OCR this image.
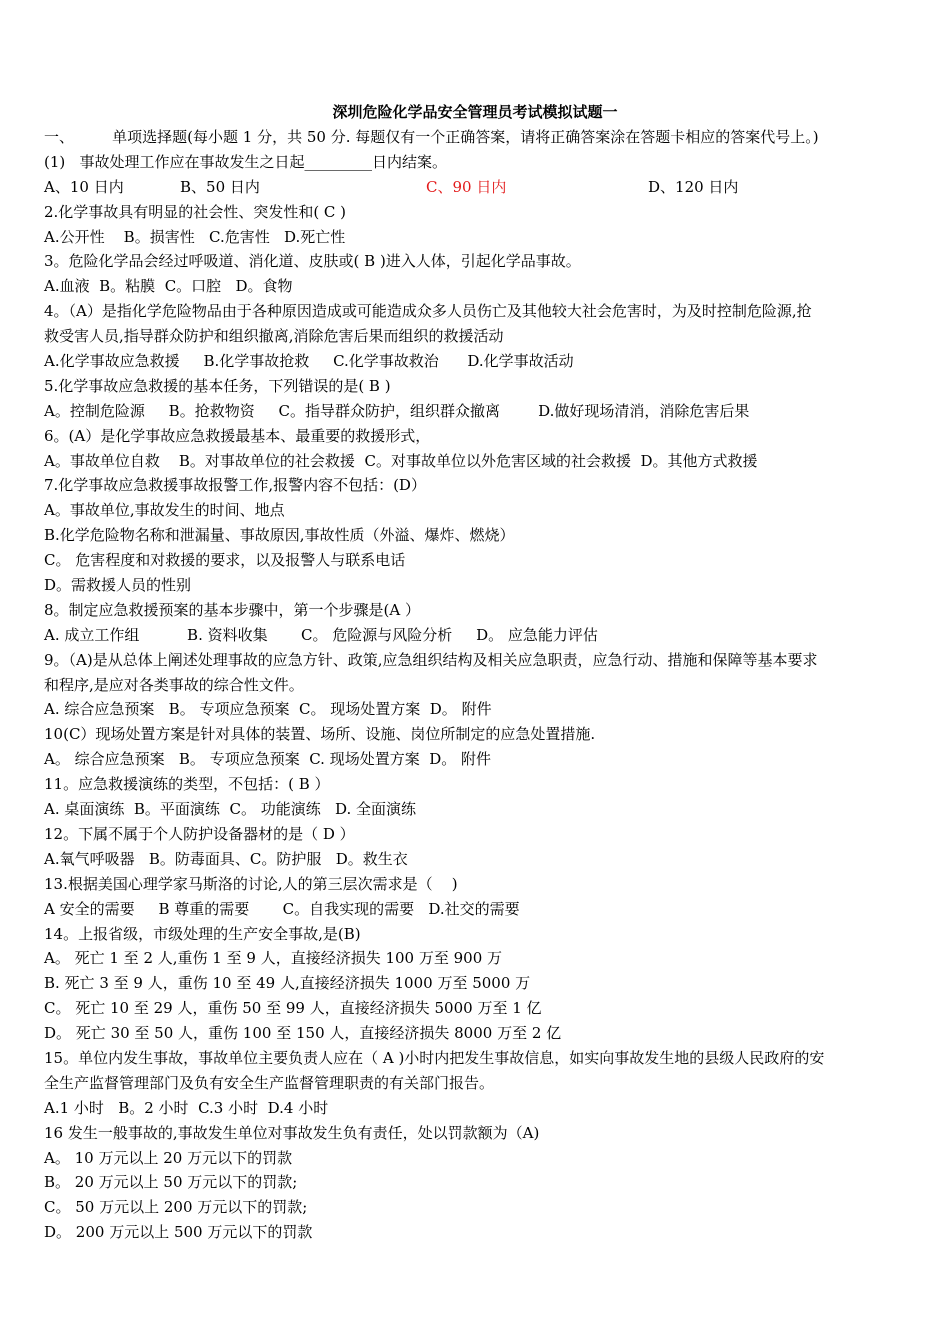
深圳危险化学品安全管理员考试模拟试题一
一、        单项选择题(每小题 1 分，共 50 分. 每题仅有一个正确答案，请将正确答案涂在答题卡相应的答案代号上。)
(1)   事故处理工作应在事故发生之日起_________日内结案。
A、10 日内	B、50 日内	C、90 日内	D、120 日内
2.化学事故具有明显的社会性、突发性和( C )
A.公开性    B。损害性   C.危害性   D.死亡性
3。危险化学品会经过呼吸道、消化道、皮肤或( B )进入人体，引起化学品事故。
A.血液  B。粘膜  C。口腔   D。食物
4。（A）是指化学危险物品由于各种原因造成或可能造成众多人员伤亡及其他较大社会危害时，为及时控制危险源,抢
救受害人员,指导群众防护和组织撤离,消除危害后果而组织的救援活动
A.化学事故应急救援     B.化学事故抢救     C.化学事故救治      D.化学事故活动
5.化学事故应急救援的基本任务，下列错误的是( B )
A。控制危险源     B。抢救物资     C。指导群众防护，组织群众撤离        D.做好现场清消，消除危害后果
6。(A）是化学事故应急救援最基本、最重要的救援形式，
A。事故单位自救    B。对事故单位的社会救援  C。对事故单位以外危害区域的社会救援  D。其他方式救援
7.化学事故应急救援事故报警工作,报警内容不包括：(D）
A。事故单位,事故发生的时间、地点
B.化学危险物名称和泄漏量、事故原因,事故性质（外溢、爆炸、燃烧）
C。 危害程度和对救援的要求，以及报警人与联系电话
D。需救援人员的性别
8。制定应急救援预案的基本步骤中，第一个步骤是(A ）
A. 成立工作组          B. 资料收集       C。 危险源与风险分析     D。 应急能力评估
9。（A)是从总体上阐述处理事故的应急方针、政策,应急组织结构及相关应急职责，应急行动、措施和保障等基本要求
和程序,是应对各类事故的综合性文件。
A. 综合应急预案   B。 专项应急预案  C。 现场处置方案  D。 附件
10(C）现场处置方案是针对具体的装置、场所、设施、岗位所制定的应急处置措施.
A。 综合应急预案   B。 专项应急预案  C. 现场处置方案  D。 附件
11。应急救援演练的类型，不包括：( B ）
A. 桌面演练  B。平面演练  C。 功能演练   D. 全面演练
12。下属不属于个人防护设备器材的是（ D ）
A.氧气呼吸器   B。防毒面具、C。防护服   D。救生衣
13.根据美国心理学家马斯洛的讨论,人的第三层次需求是（    )
A 安全的需要     B 尊重的需要       C。自我实现的需要   D.社交的需要
14。上报省级，市级处理的生产安全事故,是(B)
A。 死亡 1 至 2 人,重伤 1 至 9 人，直接经济损失 100 万至 900 万
B. 死亡 3 至 9 人，重伤 10 至 49 人,直接经济损失 1000 万至 5000 万
C。 死亡 10 至 29 人，重伤 50 至 99 人，直接经济损失 5000 万至 1 亿
D。 死亡 30 至 50 人，重伤 100 至 150 人，直接经济损失 8000 万至 2 亿
15。单位内发生事故，事故单位主要负责人应在（ A )小时内把发生事故信息，如实向事故发生地的县级人民政府的安
全生产监督管理部门及负有安全生产监督管理职责的有关部门报告。
A.1 小时   B。2 小时  C.3 小时  D.4 小时
16 发生一般事故的,事故发生单位对事故发生负有责任，处以罚款额为（A)
A。 10 万元以上 20 万元以下的罚款
B。 20 万元以上 50 万元以下的罚款;
C。 50 万元以上 200 万元以下的罚款;
D。 200 万元以上 500 万元以下的罚款
